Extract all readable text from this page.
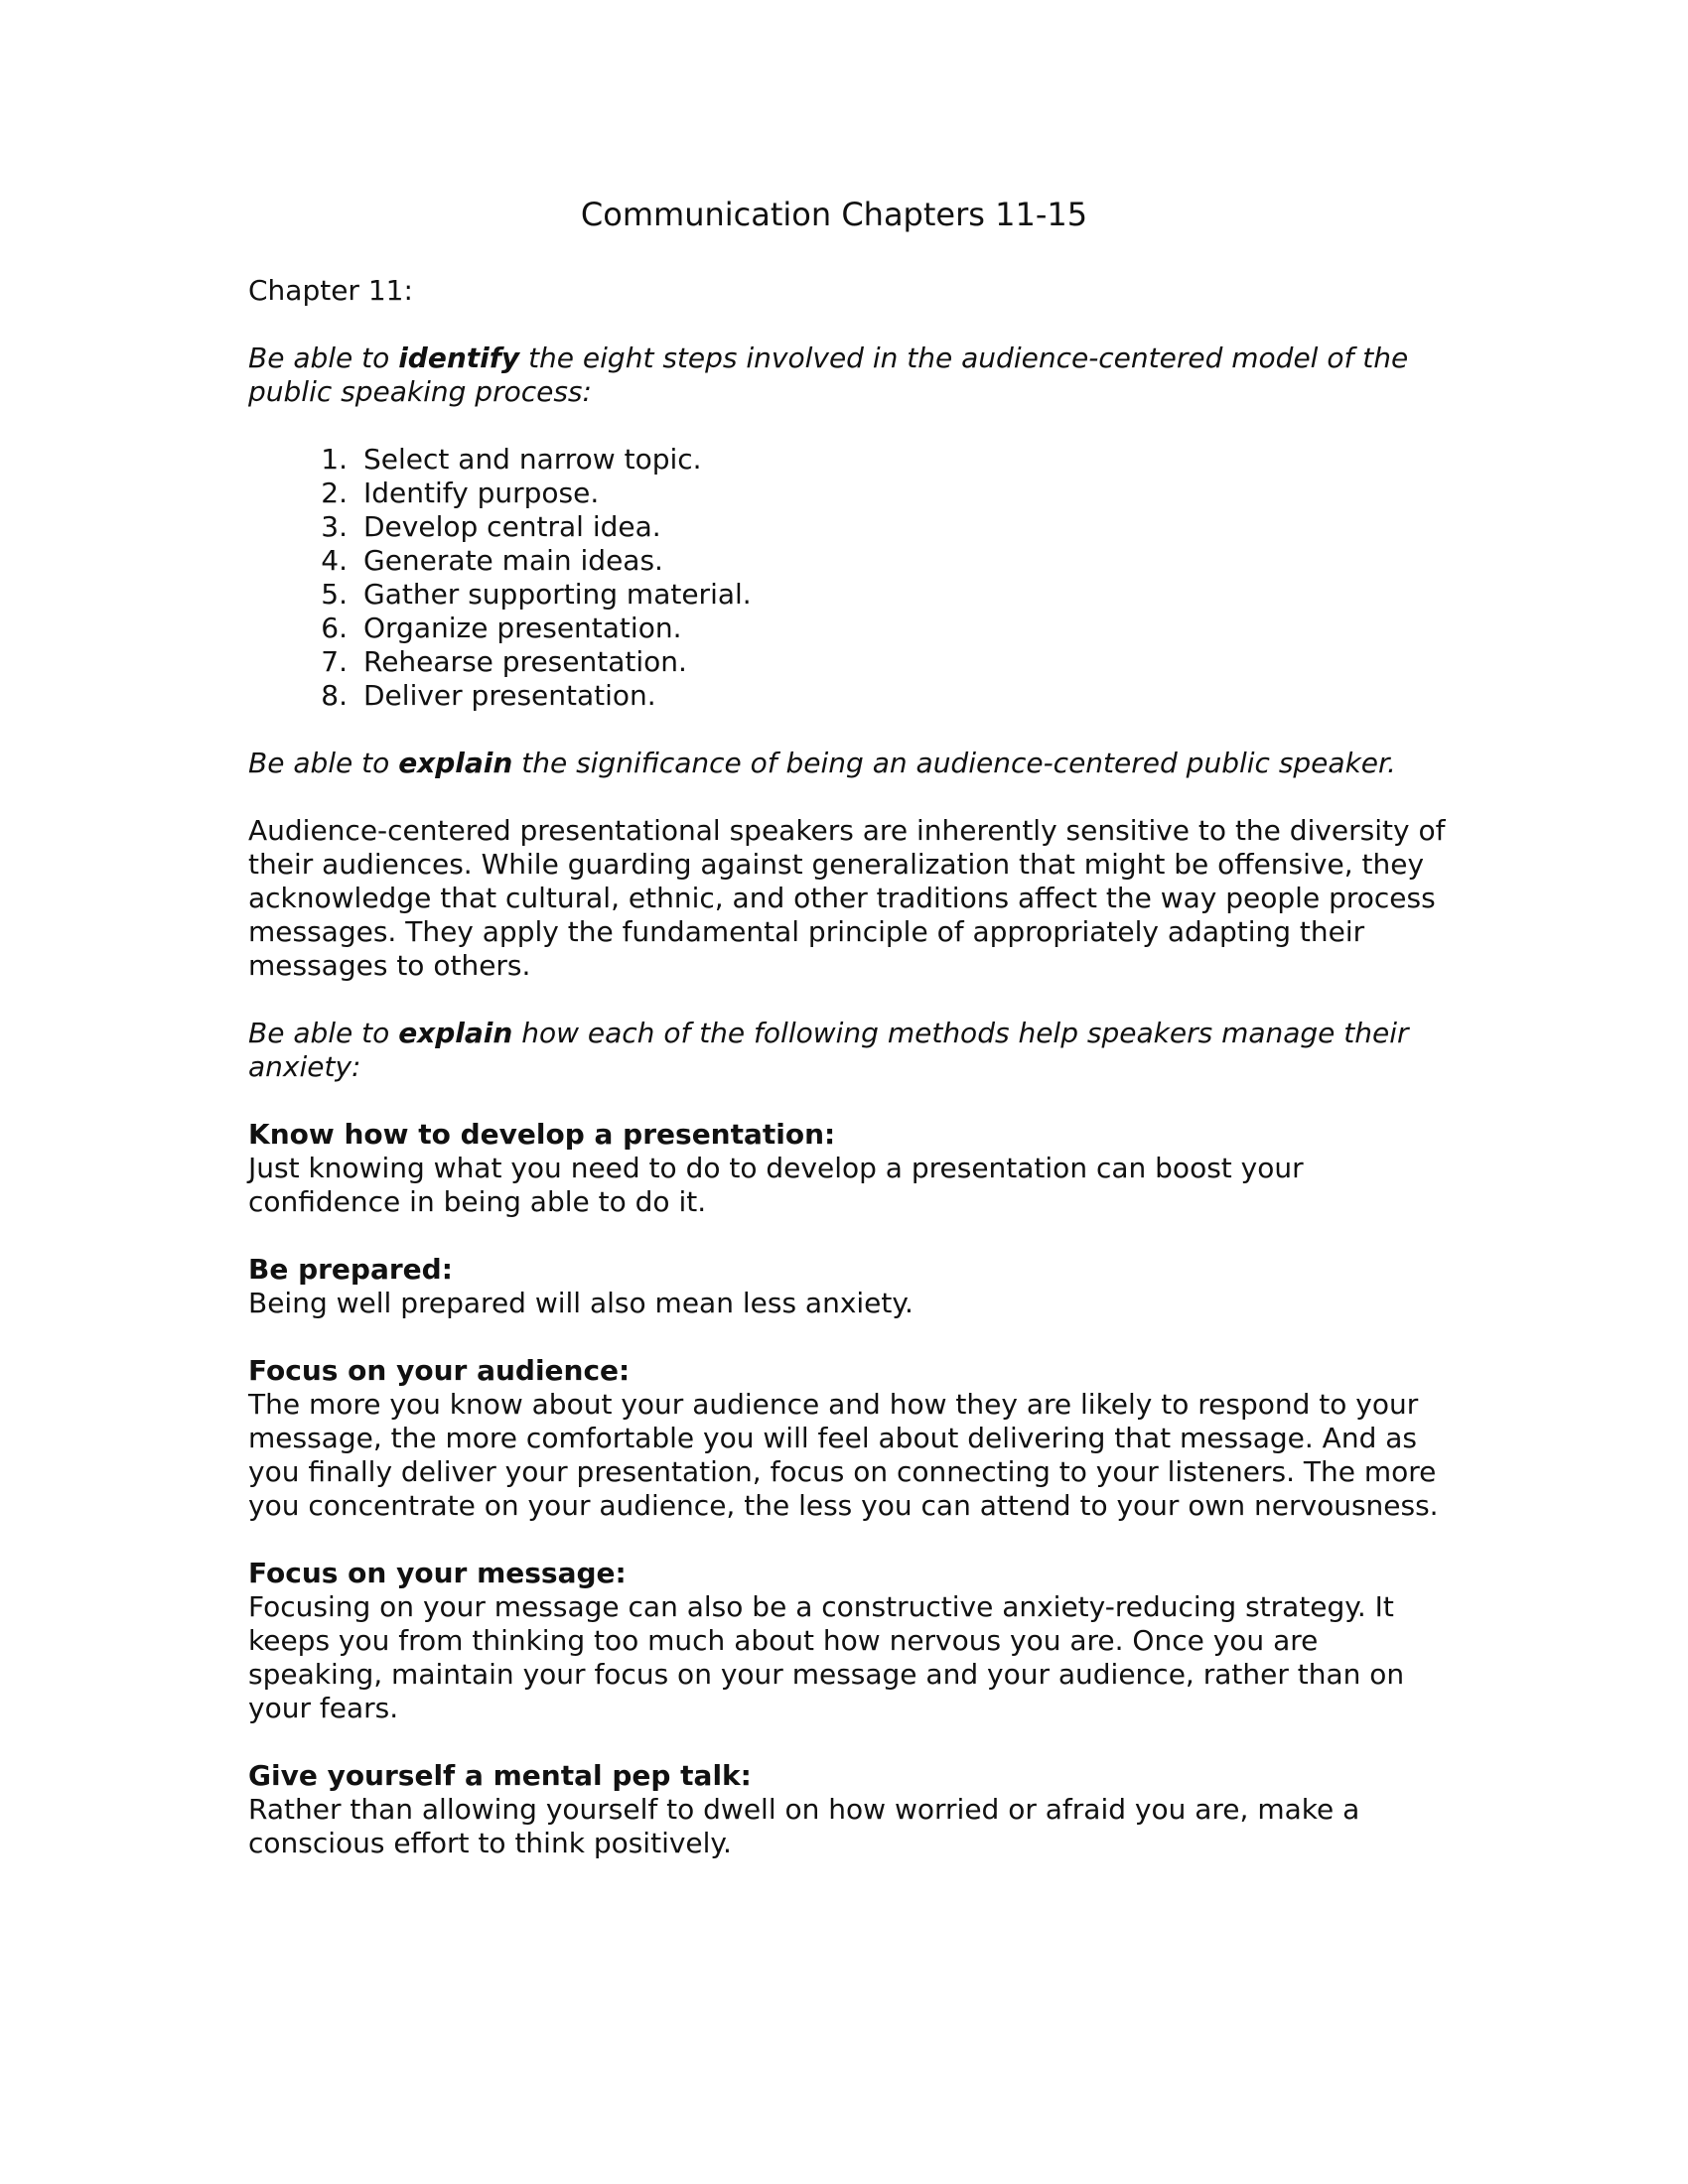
Communication Chapters 11-15

Chapter 11:

Be able to identify the eight steps involved in the audience-centered model of the public speaking process:

1. Select and narrow topic.
2. Identify purpose.
3. Develop central idea.
4. Generate main ideas.
5. Gather supporting material.
6. Organize presentation.
7. Rehearse presentation.
8. Deliver presentation.

Be able to explain the significance of being an audience-centered public speaker.

Audience-centered presentational speakers are inherently sensitive to the diversity of their audiences. While guarding against generalization that might be offensive, they acknowledge that cultural, ethnic, and other traditions affect the way people process messages. They apply the fundamental principle of appropriately adapting their messages to others.

Be able to explain how each of the following methods help speakers manage their anxiety:

Know how to develop a presentation:

Just knowing what you need to do to develop a presentation can boost your confidence in being able to do it.

Be prepared:

Being well prepared will also mean less anxiety.

Focus on your audience:

The more you know about your audience and how they are likely to respond to your message, the more comfortable you will feel about delivering that message. And as you finally deliver your presentation, focus on connecting to your listeners. The more you concentrate on your audience, the less you can attend to your own nervousness.

Focus on your message:

Focusing on your message can also be a constructive anxiety-reducing strategy. It keeps you from thinking too much about how nervous you are. Once you are speaking, maintain your focus on your message and your audience, rather than on your fears.

Give yourself a mental pep talk:

Rather than allowing yourself to dwell on how worried or afraid you are, make a conscious effort to think positively.
